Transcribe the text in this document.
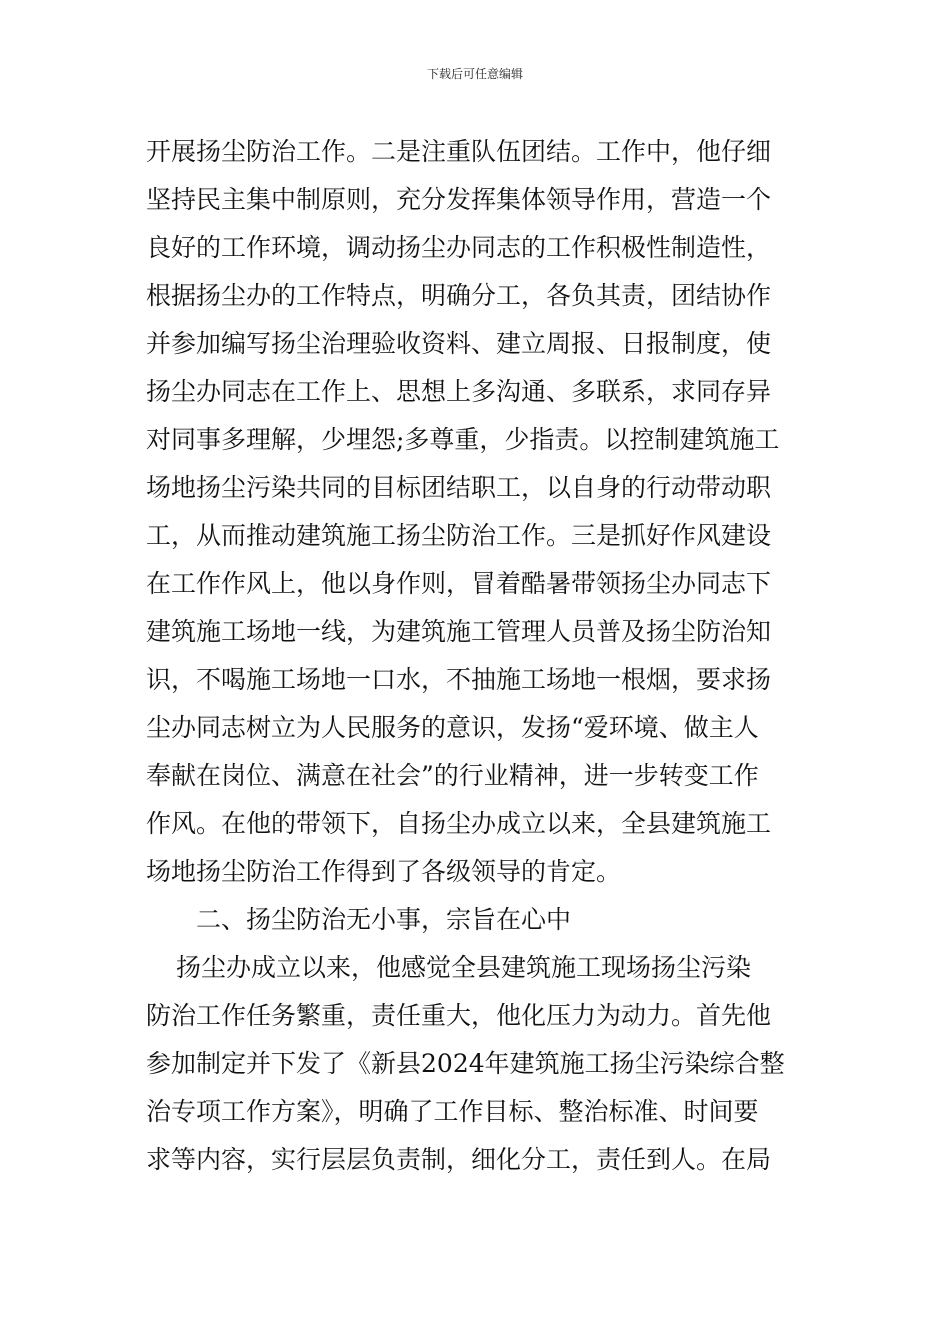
下载后可任意编辑
开展扬尘防治工作。二是注重队伍团结。工作中，他仔细
坚持民主集中制原则，充分发挥集体领导作用，营造一个
良好的工作环境，调动扬尘办同志的工作积极性制造性，
根据扬尘办的工作特点，明确分工，各负其责，团结协作
并参加编写扬尘治理验收资料、建立周报、日报制度，使
扬尘办同志在工作上、思想上多沟通、多联系，求同存异
对同事多理解，少埋怨;多尊重，少指责。以控制建筑施工
场地扬尘污染共同的目标团结职工，以自身的行动带动职
工，从而推动建筑施工扬尘防治工作。三是抓好作风建设
在工作作风上，他以身作则，冒着酷暑带领扬尘办同志下
建筑施工场地一线，为建筑施工管理人员普及扬尘防治知
识，不喝施工场地一口水，不抽施工场地一根烟，要求扬
尘办同志树立为人民服务的意识，发扬“爱环境、做主人
奉献在岗位、满意在社会”的行业精神，进一步转变工作
作风。在他的带领下，自扬尘办成立以来，全县建筑施工
场地扬尘防治工作得到了各级领导的肯定。
二、扬尘防治无小事，宗旨在心中
扬尘办成立以来，他感觉全县建筑施工现场扬尘污染
防治工作任务繁重，责任重大，他化压力为动力。首先他
参加制定并下发了《新县2024年建筑施工扬尘污染综合整
治专项工作方案》，明确了工作目标、整治标准、时间要
求等内容，实行层层负责制，细化分工，责任到人。在局
